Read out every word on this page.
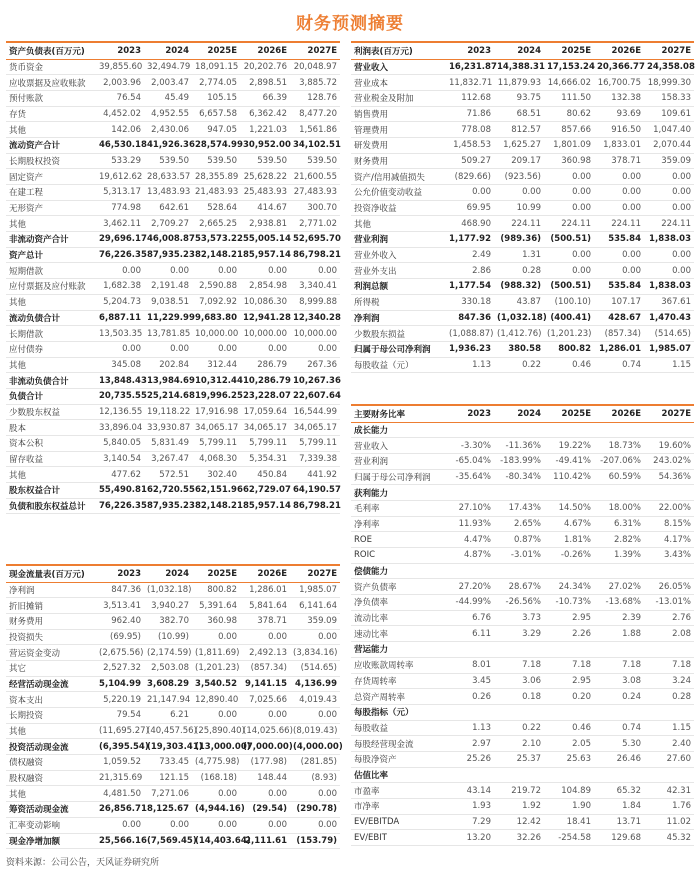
财务预测摘要
资产负债表(百万元)	2023	2024	2025E	2026E	2027E
货币资金	39,855.60	32,494.79	18,091.15	20,202.76	20,048.97
应收票据及应收账款	2,003.96	2,003.47	2,774.05	2,898.51	3,885.72
预付账款	76.54	45.49	105.15	66.39	128.76
存货	4,452.02	4,952.55	6,657.58	6,362.42	8,477.20
其他	142.06	2,430.06	947.05	1,221.03	1,561.86
流动资产合计	46,530.18	41,926.36	28,574.99	30,952.00	34,102.51
长期股权投资	533.29	539.50	539.50	539.50	539.50
固定资产	19,612.62	28,633.57	28,355.89	25,628.22	21,600.55
在建工程	5,313.17	13,483.93	21,483.93	25,483.93	27,483.93
无形资产	774.98	642.61	528.64	414.67	300.70
其他	3,462.11	2,709.27	2,665.25	2,938.81	2,771.02
非流动资产合计	29,696.17	46,008.87	53,573.22	55,005.14	52,695.70
资产总计	76,226.35	87,935.23	82,148.21	85,957.14	86,798.21
短期借款	0.00	0.00	0.00	0.00	0.00
应付票据及应付账款	1,682.38	2,191.48	2,590.88	2,854.98	3,340.41
其他	5,204.73	9,038.51	7,092.92	10,086.30	8,999.88
流动负债合计	6,887.11	11,229.99	9,683.80	12,941.28	12,340.28
长期借款	13,503.35	13,781.85	10,000.00	10,000.00	10,000.00
应付债券	0.00	0.00	0.00	0.00	0.00
其他	345.08	202.84	312.44	286.79	267.36
非流动负债合计	13,848.43	13,984.69	10,312.44	10,286.79	10,267.36
负债合计	20,735.55	25,214.68	19,996.25	23,228.07	22,607.64
少数股东权益	12,136.55	19,118.22	17,916.98	17,059.64	16,544.99
股本	33,896.04	33,930.87	34,065.17	34,065.17	34,065.17
资本公积	5,840.05	5,831.49	5,799.11	5,799.11	5,799.11
留存收益	3,140.54	3,267.47	4,068.30	5,354.31	7,339.38
其他	477.62	572.51	302.40	450.84	441.92
股东权益合计	55,490.81	62,720.55	62,151.96	62,729.07	64,190.57
负债和股东权益总计	76,226.35	87,935.23	82,148.21	85,957.14	86,798.21
利润表(百万元)	2023	2024	2025E	2026E	2027E
营业收入	16,231.87	14,388.31	17,153.24	20,366.77	24,358.08
营业成本	11,832.71	11,879.93	14,666.02	16,700.75	18,999.30
营业税金及附加	112.68	93.75	111.50	132.38	158.33
销售费用	71.86	68.51	80.62	93.69	109.61
管理费用	778.08	812.57	857.66	916.50	1,047.40
研发费用	1,458.53	1,625.27	1,801.09	1,833.01	2,070.44
财务费用	509.27	209.17	360.98	378.71	359.09
资产/信用减值损失	(829.66)	(923.56)	0.00	0.00	0.00
公允价值变动收益	0.00	0.00	0.00	0.00	0.00
投资净收益	69.95	10.99	0.00	0.00	0.00
其他	468.90	224.11	224.11	224.11	224.11
营业利润	1,177.92	(989.36)	(500.51)	535.84	1,838.03
营业外收入	2.49	1.31	0.00	0.00	0.00
营业外支出	2.86	0.28	0.00	0.00	0.00
利润总额	1,177.54	(988.32)	(500.51)	535.84	1,838.03
所得税	330.18	43.87	(100.10)	107.17	367.61
净利润	847.36	(1,032.18)	(400.41)	428.67	1,470.43
少数股东损益	(1,088.87)	(1,412.76)	(1,201.23)	(857.34)	(514.65)
归属于母公司净利润	1,936.23	380.58	800.82	1,286.01	1,985.07
每股收益（元）	1.13	0.22	0.46	0.74	1.15
主要财务比率	2023	2024	2025E	2026E	2027E
成长能力					
营业收入	-3.30%	-11.36%	19.22%	18.73%	19.60%
营业利润	-65.04%	-183.99%	-49.41%	-207.06%	243.02%
归属于母公司净利润	-35.64%	-80.34%	110.42%	60.59%	54.36%
获利能力					
毛利率	27.10%	17.43%	14.50%	18.00%	22.00%
净利率	11.93%	2.65%	4.67%	6.31%	8.15%
ROE	4.47%	0.87%	1.81%	2.82%	4.17%
ROIC	4.87%	-3.01%	-0.26%	1.39%	3.43%
偿债能力					
资产负债率	27.20%	28.67%	24.34%	27.02%	26.05%
净负债率	-44.99%	-26.56%	-10.73%	-13.68%	-13.01%
流动比率	6.76	3.73	2.95	2.39	2.76
速动比率	6.11	3.29	2.26	1.88	2.08
营运能力					
应收账款周转率	8.01	7.18	7.18	7.18	7.18
存货周转率	3.45	3.06	2.95	3.08	3.24
总资产周转率	0.26	0.18	0.20	0.24	0.28
每股指标（元）					
每股收益	1.13	0.22	0.46	0.74	1.15
每股经营现金流	2.97	2.10	2.05	5.30	2.40
每股净资产	25.26	25.37	25.63	26.46	27.60
估值比率					
市盈率	43.14	219.72	104.89	65.32	42.31
市净率	1.93	1.92	1.90	1.84	1.76
EV/EBITDA	7.29	12.42	18.41	13.71	11.02
EV/EBIT	13.20	32.26	-254.58	129.68	45.32
现金流量表(百万元)	2023	2024	2025E	2026E	2027E
净利润	847.36	(1,032.18)	800.82	1,286.01	1,985.07
折旧摊销	3,513.41	3,940.27	5,391.64	5,841.64	6,141.64
财务费用	962.40	382.70	360.98	378.71	359.09
投资损失	(69.95)	(10.99)	0.00	0.00	0.00
营运资金变动	(2,675.56)	(2,174.59)	(1,811.69)	2,492.13	(3,834.16)
其它	2,527.32	2,503.08	(1,201.23)	(857.34)	(514.65)
经营活动现金流	5,104.99	3,608.29	3,540.52	9,141.15	4,136.99
资本支出	5,220.19	21,147.94	12,890.40	7,025.66	4,019.43
长期投资	79.54	6.21	0.00	0.00	0.00
其他	(11,695.27)	(40,457.56)	(25,890.40)	(14,025.66)	(8,019.43)
投资活动现金流	(6,395.54)	(19,303.41)	(13,000.00)	(7,000.00)	(4,000.00)
债权融资	1,059.52	733.45	(4,775.98)	(177.98)	(281.85)
股权融资	21,315.69	121.15	(168.18)	148.44	(8.93)
其他	4,481.50	7,271.06	0.00	0.00	0.00
筹资活动现金流	26,856.71	8,125.67	(4,944.16)	(29.54)	(290.78)
汇率变动影响	0.00	0.00	0.00	0.00	0.00
现金净增加额	25,566.16	(7,569.45)	(14,403.64)	2,111.61	(153.79)
资料来源：公司公告，天风证券研究所
